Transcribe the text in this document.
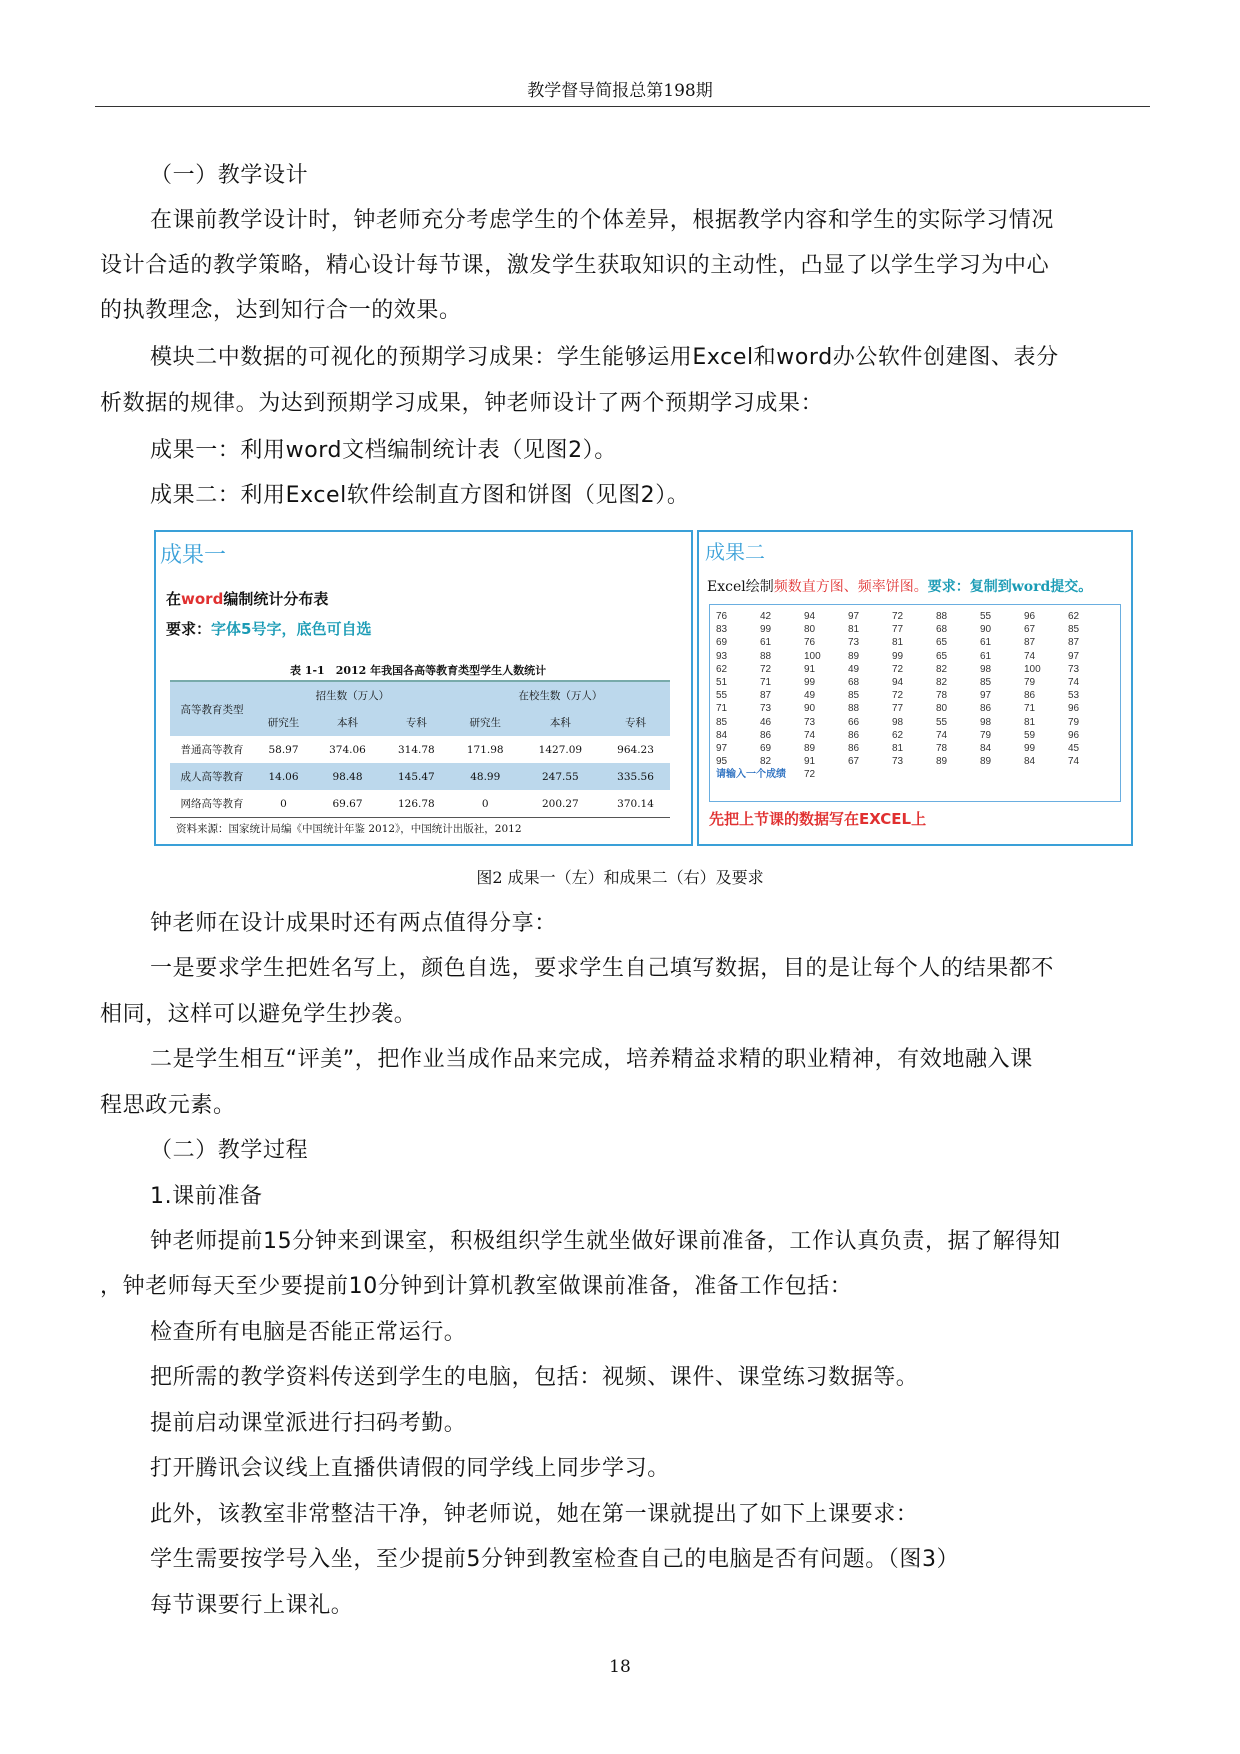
教学督导简报总第198期
（一）教学设计
在课前教学设计时，钟老师充分考虑学生的个体差异，根据教学内容和学生的实际学习情况
设计合适的教学策略，精心设计每节课，激发学生获取知识的主动性，凸显了以学生学习为中心
的执教理念，达到知行合一的效果。
模块二中数据的可视化的预期学习成果：学生能够运用Excel和word办公软件创建图、表分
析数据的规律。为达到预期学习成果，钟老师设计了两个预期学习成果：
成果一：利用word文档编制统计表（见图2）。
成果二：利用Excel软件绘制直方图和饼图（见图2）。
成果一
在word编制统计分布表
要求：字体5号字，底色可自选
表 1-1　2012 年我国各高等教育类型学生人数统计
高等教育类型	招生数（万人）			在校生数（万人）		
	研究生	本科	专科	研究生	本科	专科
普通高等教育	58.97	374.06	314.78	171.98	1427.09	964.23
成人高等教育	14.06	98.48	145.47	48.99	247.55	335.56
网络高等教育	0	69.67	126.78	0	200.27	370.14
资料来源：国家统计局编《中国统计年鉴 2012》，中国统计出版社，2012
成果二
Excel绘制频数直方图、频率饼图。要求：复制到word提交。
76	42	94	97	72	88	55	96	62
83	99	80	81	77	68	90	67	85
69	61	76	73	81	65	61	87	87
93	88	100	89	99	65	61	74	97
62	72	91	49	72	82	98	100	73
51	71	99	68	94	82	85	79	74
55	87	49	85	72	78	97	86	53
71	73	90	88	77	80	86	71	96
85	46	73	66	98	55	98	81	79
84	86	74	86	62	74	79	59	96
97	69	89	86	81	78	84	99	45
95	82	91	67	73	89	89	84	74
请输入一个成绩 72
先把上节课的数据写在EXCEL上
图2 成果一（左）和成果二（右）及要求
钟老师在设计成果时还有两点值得分享：
一是要求学生把姓名写上，颜色自选，要求学生自己填写数据，目的是让每个人的结果都不
相同，这样可以避免学生抄袭。
二是学生相互“评美”，把作业当成作品来完成，培养精益求精的职业精神，有效地融入课
程思政元素。
（二）教学过程
1.课前准备
钟老师提前15分钟来到课室，积极组织学生就坐做好课前准备，工作认真负责，据了解得知
，钟老师每天至少要提前10分钟到计算机教室做课前准备，准备工作包括：
检查所有电脑是否能正常运行。
把所需的教学资料传送到学生的电脑，包括：视频、课件、课堂练习数据等。
提前启动课堂派进行扫码考勤。
打开腾讯会议线上直播供请假的同学线上同步学习。
此外，该教室非常整洁干净，钟老师说，她在第一课就提出了如下上课要求：
学生需要按学号入坐，至少提前5分钟到教室检查自己的电脑是否有问题。（图3）
每节课要行上课礼。
18
